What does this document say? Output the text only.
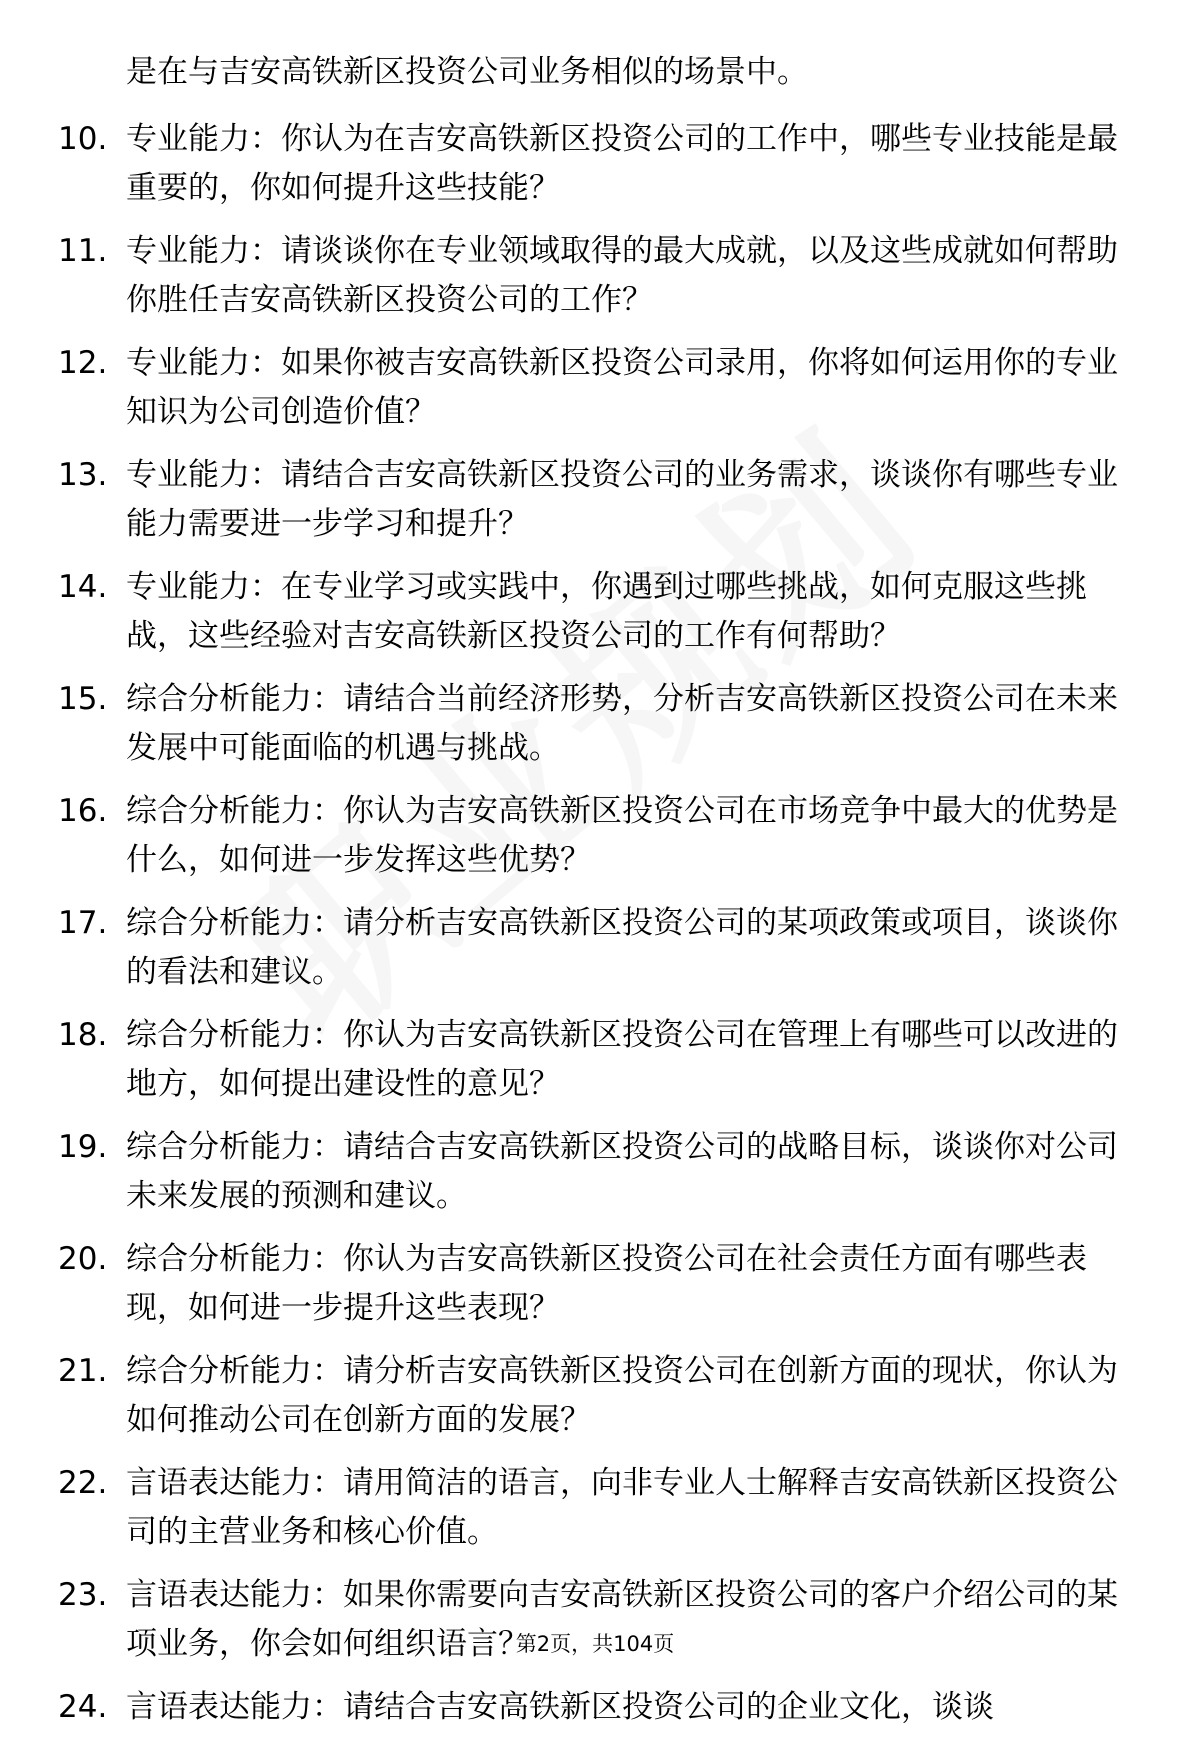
是在与吉安高铁新区投资公司业务相似的场景中。
10. 专业能力：你认为在吉安高铁新区投资公司的工作中，哪些专业技能是最重要的，你如何提升这些技能？
11. 专业能力：请谈谈你在专业领域取得的最大成就，以及这些成就如何帮助你胜任吉安高铁新区投资公司的工作？
12. 专业能力：如果你被吉安高铁新区投资公司录用，你将如何运用你的专业知识为公司创造价值？
13. 专业能力：请结合吉安高铁新区投资公司的业务需求，谈谈你有哪些专业能力需要进一步学习和提升？
14. 专业能力：在专业学习或实践中，你遇到过哪些挑战，如何克服这些挑战，这些经验对吉安高铁新区投资公司的工作有何帮助？
15. 综合分析能力：请结合当前经济形势，分析吉安高铁新区投资公司在未来发展中可能面临的机遇与挑战。
16. 综合分析能力：你认为吉安高铁新区投资公司在市场竞争中最大的优势是什么，如何进一步发挥这些优势？
17. 综合分析能力：请分析吉安高铁新区投资公司的某项政策或项目，谈谈你的看法和建议。
18. 综合分析能力：你认为吉安高铁新区投资公司在管理上有哪些可以改进的地方，如何提出建设性的意见？
19. 综合分析能力：请结合吉安高铁新区投资公司的战略目标，谈谈你对公司未来发展的预测和建议。
20. 综合分析能力：你认为吉安高铁新区投资公司在社会责任方面有哪些表现，如何进一步提升这些表现？
21. 综合分析能力：请分析吉安高铁新区投资公司在创新方面的现状，你认为如何推动公司在创新方面的发展？
22. 言语表达能力：请用简洁的语言，向非专业人士解释吉安高铁新区投资公司的主营业务和核心价值。
23. 言语表达能力：如果你需要向吉安高铁新区投资公司的客户介绍公司的某项业务，你会如何组织语言？
24. 言语表达能力：请结合吉安高铁新区投资公司的企业文化，谈谈
第2页，共104页
